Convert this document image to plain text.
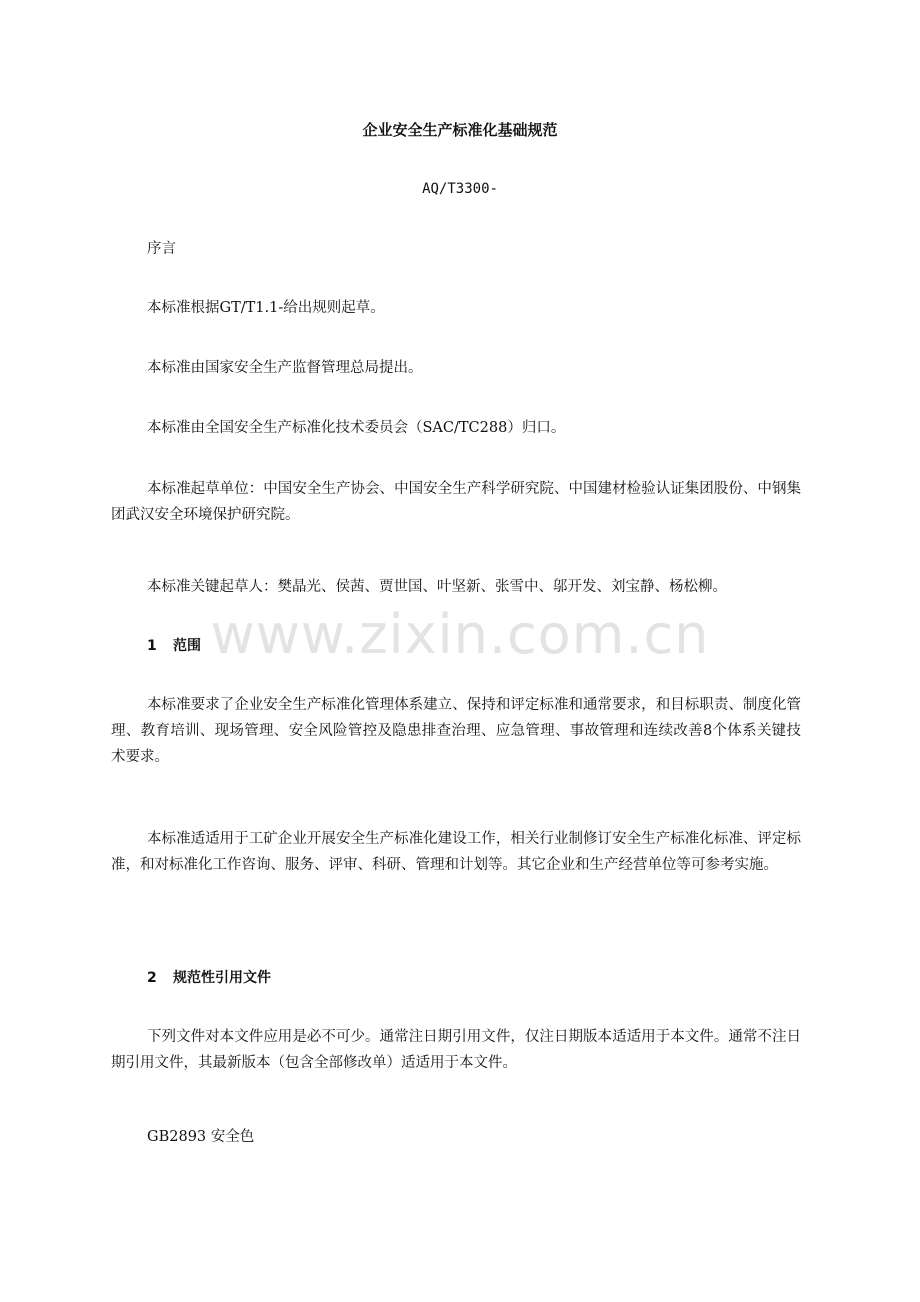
www.zixin.com.cn
企业安全生产标准化基础规范
AQ/T3300-

序言

本标准根据GT/T1.1-给出规则起草。

本标准由国家安全生产监督管理总局提出。

本标准由全国安全生产标准化技术委员会（SAC/TC288）归口。

本标准起草单位：中国安全生产协会、中国安全生产科学研究院、中国建材检验认证集团股份、中钢集团武汉安全环境保护研究院。

本标准关键起草人：樊晶光、侯茜、贾世国、叶坚新、张雪中、邬开发、刘宝静、杨松柳。

1 范围

本标准要求了企业安全生产标准化管理体系建立、保持和评定标准和通常要求，和目标职责、制度化管理、教育培训、现场管理、安全风险管控及隐患排查治理、应急管理、事故管理和连续改善8个体系关键技术要求。

本标准适适用于工矿企业开展安全生产标准化建设工作，相关行业制修订安全生产标准化标准、评定标准，和对标准化工作咨询、服务、评审、科研、管理和计划等。其它企业和生产经营单位等可参考实施。

2 规范性引用文件

下列文件对本文件应用是必不可少。通常注日期引用文件，仅注日期版本适适用于本文件。通常不注日期引用文件，其最新版本（包含全部修改单）适适用于本文件。

GB2893 安全色
